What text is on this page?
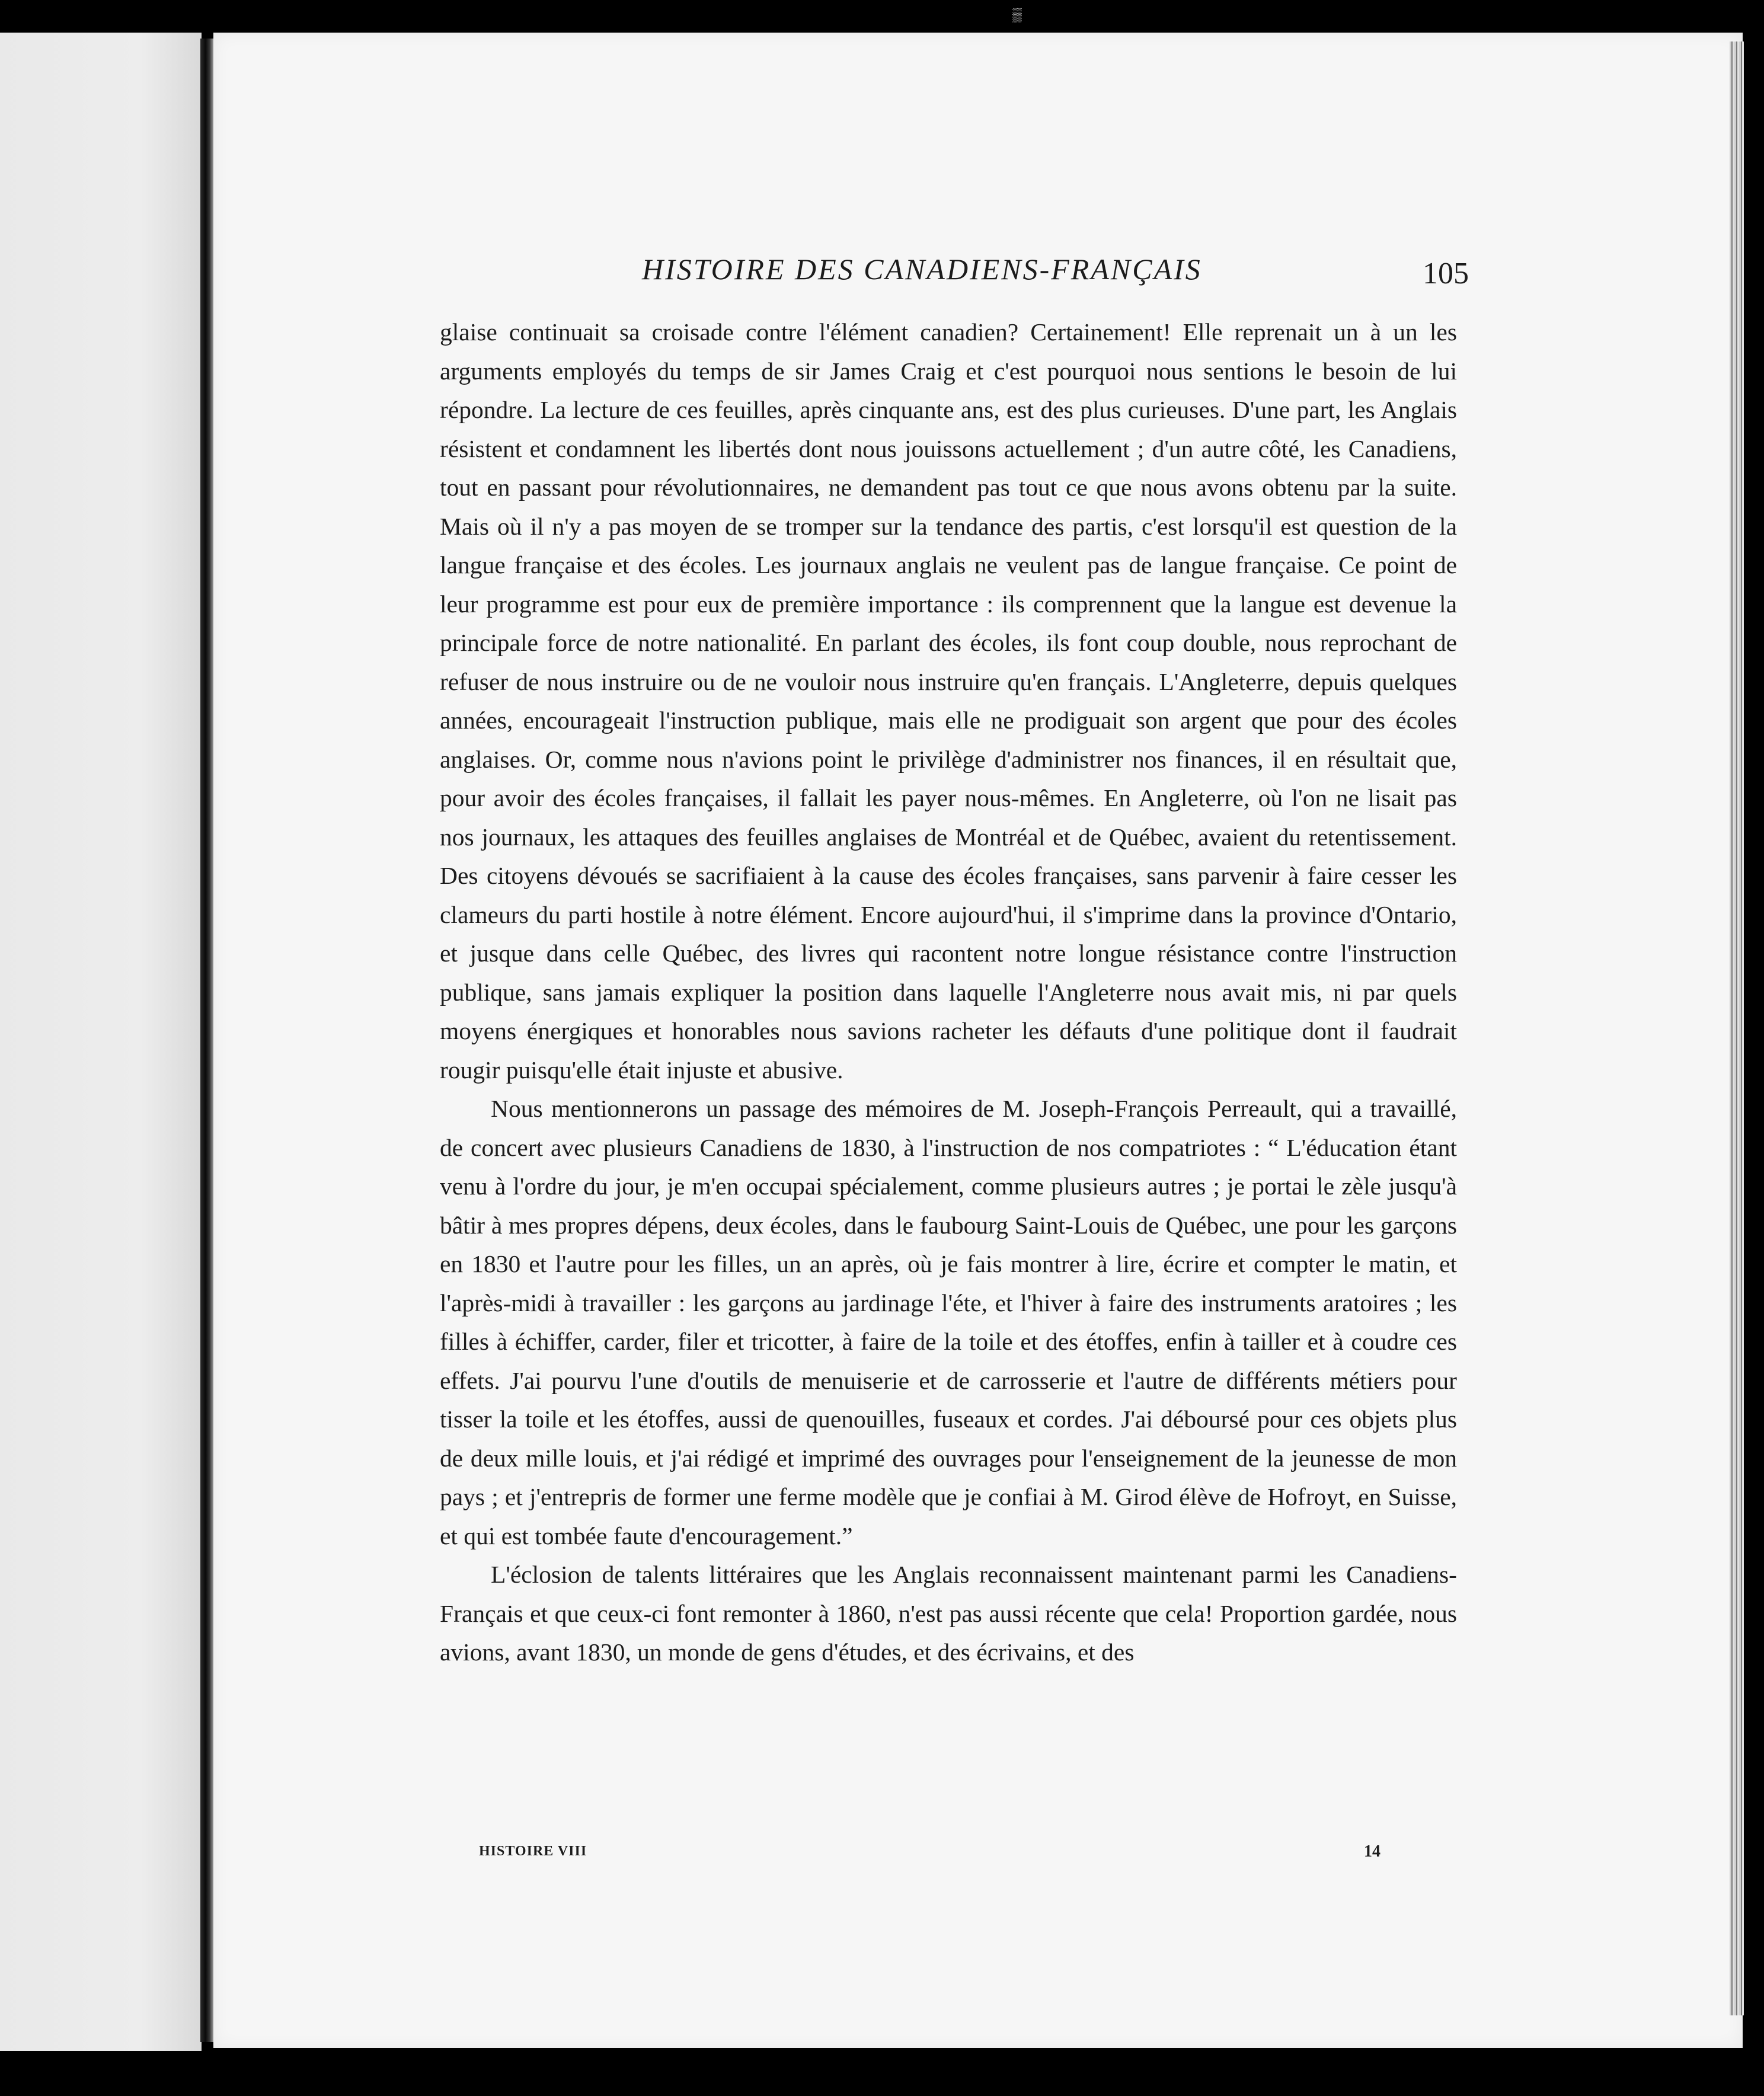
▒
HISTOIRE DES CANADIENS-FRANÇAIS	105

glaise continuait sa croisade contre l'élément canadien? Certainement! Elle reprenait un à un les arguments employés du temps de sir James Craig et c'est pourquoi nous sentions le besoin de lui répondre. La lecture de ces feuilles, après cinquante ans, est des plus curieuses. D'une part, les Anglais résistent et condamnent les libertés dont nous jouissons actuellement ; d'un autre côté, les Canadiens, tout en passant pour révolutionnaires, ne demandent pas tout ce que nous avons obtenu par la suite. Mais où il n'y a pas moyen de se tromper sur la tendance des partis, c'est lorsqu'il est question de la langue française et des écoles. Les journaux anglais ne veulent pas de langue française. Ce point de leur programme est pour eux de première importance : ils comprennent que la langue est devenue la principale force de notre nationalité. En parlant des écoles, ils font coup double, nous reprochant de refuser de nous instruire ou de ne vouloir nous instruire qu'en français. L'Angleterre, depuis quelques années, encourageait l'instruction publique, mais elle ne prodiguait son argent que pour des écoles anglaises. Or, comme nous n'avions point le privilège d'administrer nos finances, il en résultait que, pour avoir des écoles françaises, il fallait les payer nous-mêmes. En Angleterre, où l'on ne lisait pas nos journaux, les attaques des feuilles anglaises de Montréal et de Québec, avaient du retentissement. Des citoyens dévoués se sacrifiaient à la cause des écoles françaises, sans parvenir à faire cesser les clameurs du parti hostile à notre élément. Encore aujourd'hui, il s'imprime dans la province d'Ontario, et jusque dans celle Québec, des livres qui racontent notre longue résistance contre l'instruction publique, sans jamais expliquer la position dans laquelle l'Angleterre nous avait mis, ni par quels moyens énergiques et honorables nous savions racheter les défauts d'une politique dont il faudrait rougir puisqu'elle était injuste et abusive.

Nous mentionnerons un passage des mémoires de M. Joseph-François Perreault, qui a travaillé, de concert avec plusieurs Canadiens de 1830, à l'instruction de nos compatriotes : “ L'éducation étant venu à l'ordre du jour, je m'en occupai spécialement, comme plusieurs autres ; je portai le zèle jusqu'à bâtir à mes propres dépens, deux écoles, dans le faubourg Saint-Louis de Québec, une pour les garçons en 1830 et l'autre pour les filles, un an après, où je fais montrer à lire, écrire et compter le matin, et l'après-midi à travailler : les garçons au jardinage l'éte, et l'hiver à faire des instruments aratoires ; les filles à échiffer, carder, filer et tricotter, à faire de la toile et des étoffes, enfin à tailler et à coudre ces effets. J'ai pourvu l'une d'outils de menuiserie et de carrosserie et l'autre de différents métiers pour tisser la toile et les étoffes, aussi de quenouilles, fuseaux et cordes. J'ai déboursé pour ces objets plus de deux mille louis, et j'ai rédigé et imprimé des ouvrages pour l'enseignement de la jeunesse de mon pays ; et j'entrepris de former une ferme modèle que je confiai à M. Girod élève de Hofroyt, en Suisse, et qui est tombée faute d'encouragement.”

L'éclosion de talents littéraires que les Anglais reconnaissent maintenant parmi les Canadiens-Français et que ceux-ci font remonter à 1860, n'est pas aussi récente que cela! Proportion gardée, nous avions, avant 1830, un monde de gens d'études, et des écrivains, et des

HISTOIRE VIII	14
